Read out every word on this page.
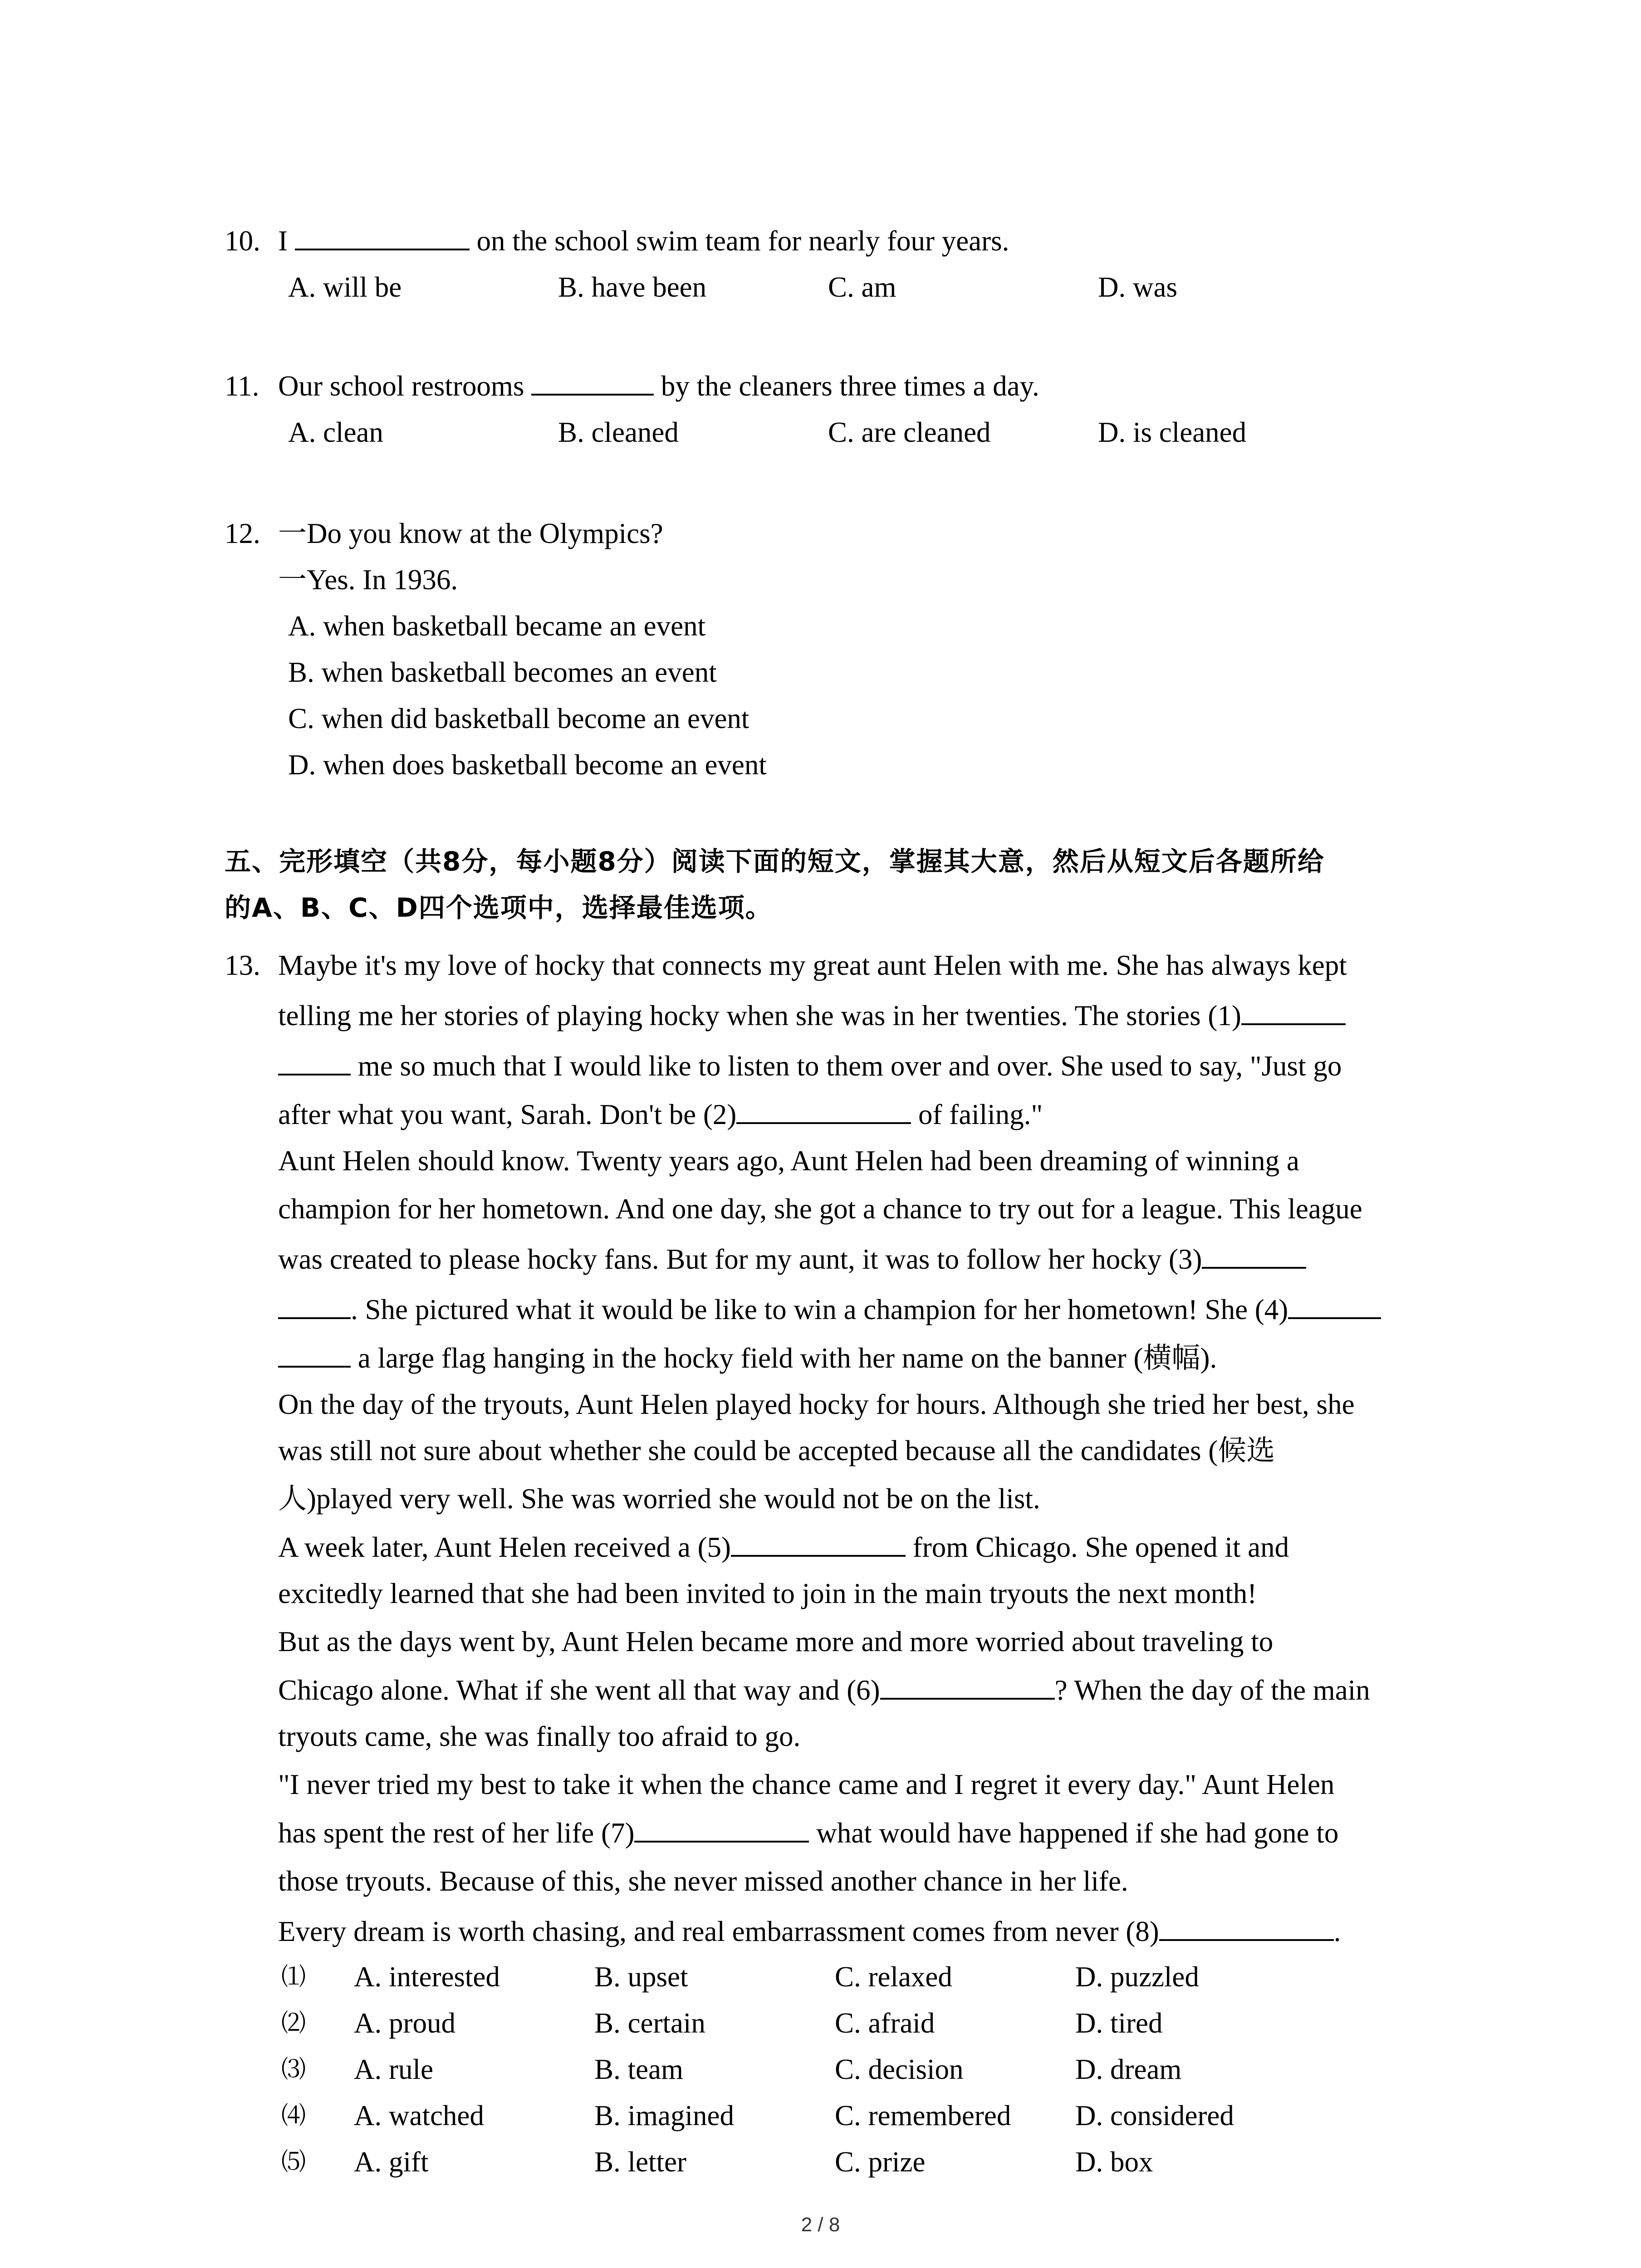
10. I	on the school swim team for nearly four years.
A. will be	B. have been	C. am	D. was
11. Our school restrooms	by the cleaners three times a day.
A. clean	B. cleaned	C. are cleaned	D. is cleaned
12. 一Do you know at the Olympics?
一Yes. In 1936.
A. when basketball became an event
B. when basketball becomes an event
C. when did basketball become an event
D. when does basketball become an event
五、完形填空（共8分，每小题8分）阅读下面的短文，掌握其大意，然后从短文后各题所给
的A、B、C、D四个选项中，选择最佳选项。
13. Maybe it's my love of hocky that connects my great aunt Helen with me. She has always kept

telling me her stories of playing hocky when she was in her twenties. The stories (1)

me so much that I would like to listen to them over and over. She used to say, "Just go

after what you want, Sarah. Don't be (2)	of failing."

Aunt Helen should know. Twenty years ago, Aunt Helen had been dreaming of winning a

champion for her hometown. And one day, she got a chance to try out for a league. This league

was created to please hocky fans. But for my aunt, it was to follow her hocky (3)

. She pictured what it would be like to win a champion for her hometown! She (4)

a large flag hanging in the hocky field with her name on the banner (横幅).

On the day of the tryouts, Aunt Helen played hocky for hours. Although she tried her best, she

was still not sure about whether she could be accepted because all the candidates (候选

人)played very well. She was worried she would not be on the list.

A week later, Aunt Helen received a (5)	from Chicago. She opened it and

excitedly learned that she had been invited to join in the main tryouts the next month!

But as the days went by, Aunt Helen became more and more worried about traveling to

Chicago alone. What if she went all that way and (6)	? When the day of the main

tryouts came, she was finally too afraid to go.

"I never tried my best to take it when the chance came and I regret it every day." Aunt Helen

has spent the rest of her life (7)	what would have happened if she had gone to

those tryouts. Because of this, she never missed another chance in her life.

Every dream is worth chasing, and real embarrassment comes from never (8)	.

⑴ A. interested	B. upset	C. relaxed	D. puzzled
⑵ A. proud	B. certain	C. afraid	D. tired
⑶ A. rule	B. team	C. decision	D. dream
⑷ A. watched	B. imagined	C. remembered D. considered
⑸ A. gift	B. letter	C. prize	D. box
2 / 8
